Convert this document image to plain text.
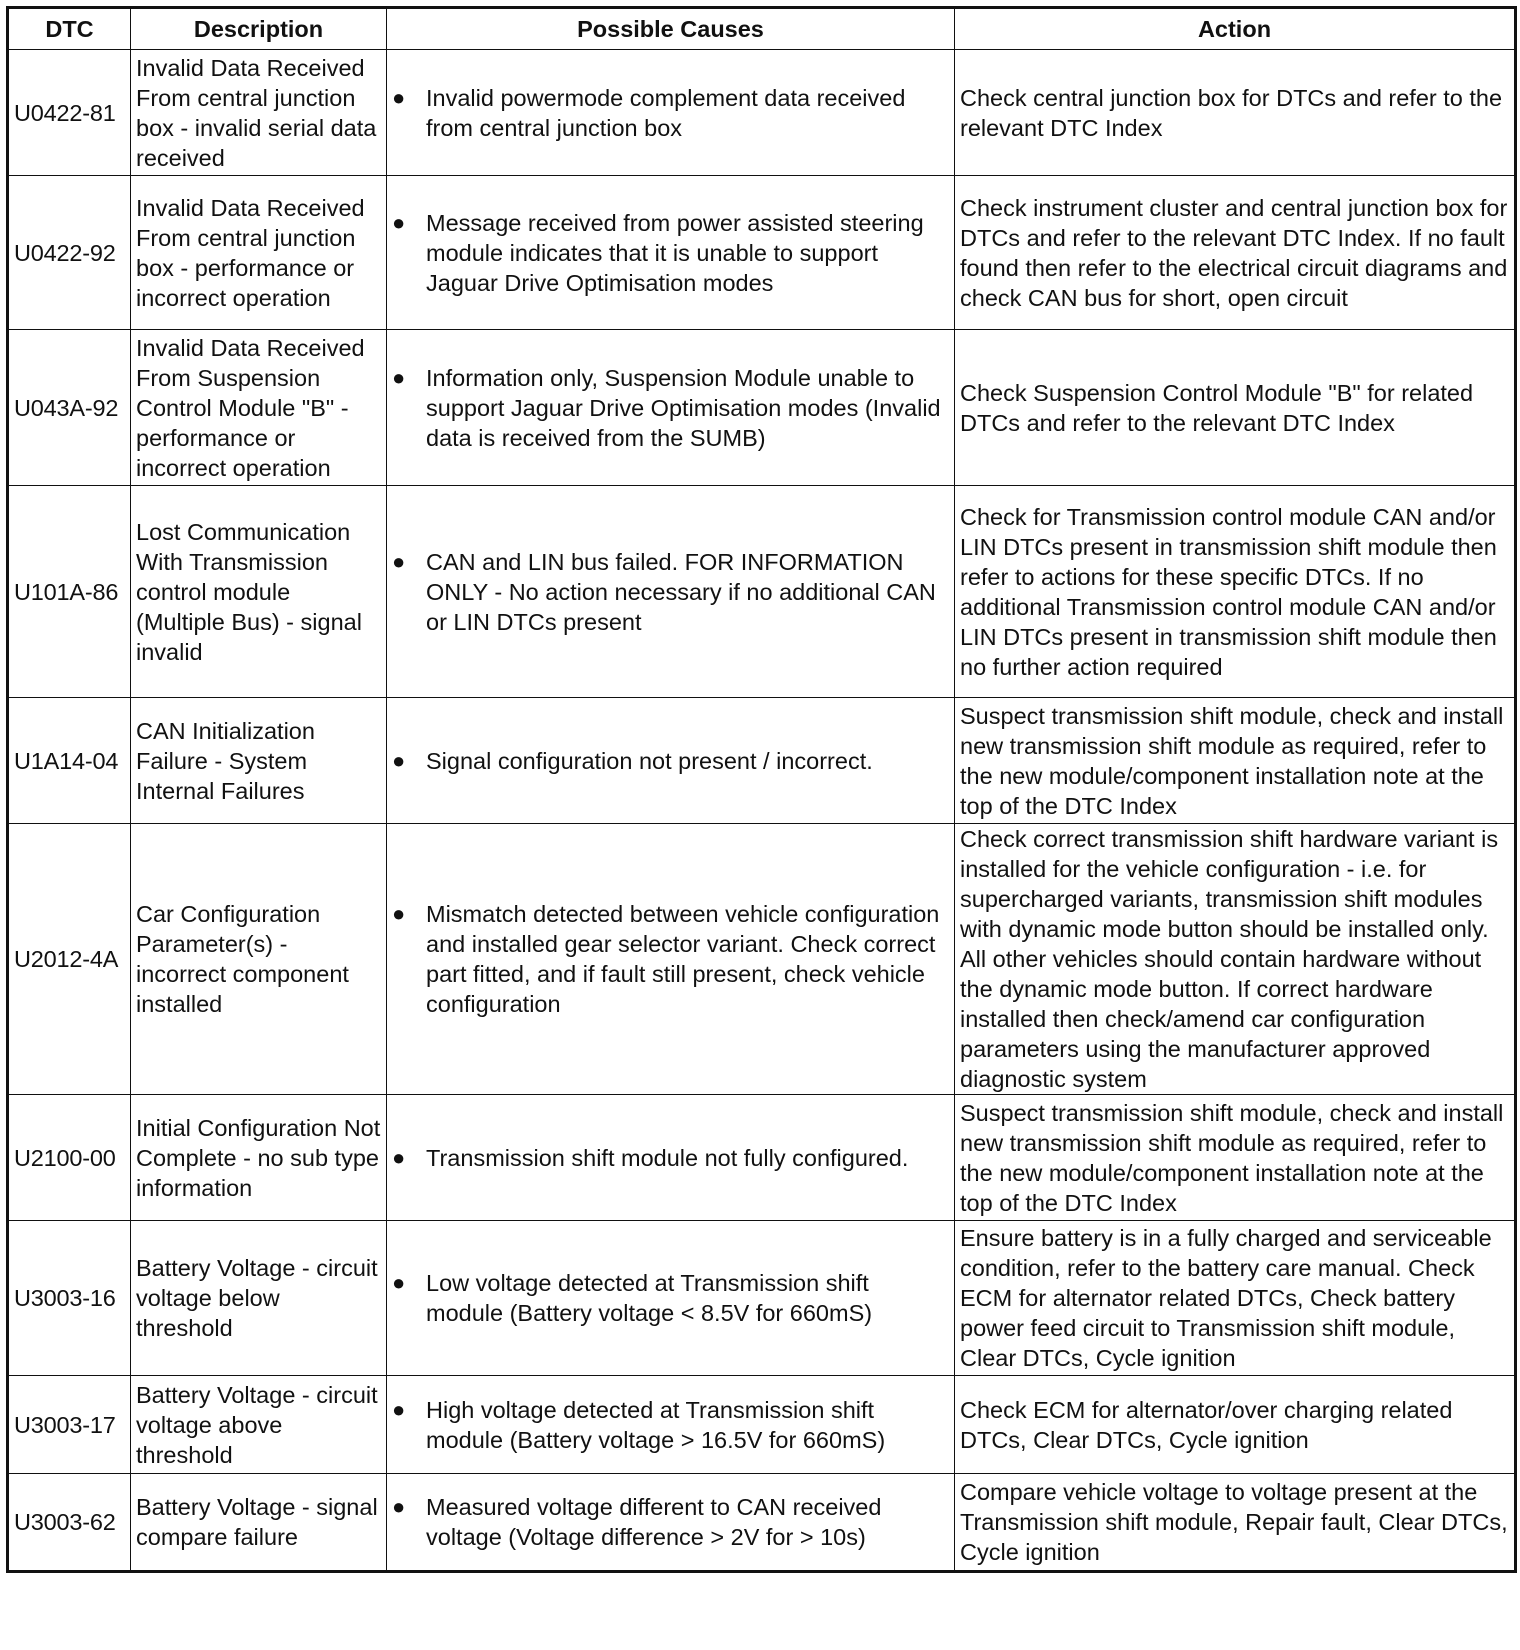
DTC	Description	Possible Causes	Action
U0422-81	Invalid Data Received From central junction box - invalid serial data received	● Invalid powermode complement data received from central junction box	Check central junction box for DTCs and refer to the relevant DTC Index
U0422-92	Invalid Data Received From central junction box - performance or incorrect operation	● Message received from power assisted steering module indicates that it is unable to support Jaguar Drive Optimisation modes	Check instrument cluster and central junction box for DTCs and refer to the relevant DTC Index. If no fault found then refer to the electrical circuit diagrams and check CAN bus for short, open circuit
U043A-92	Invalid Data Received From Suspension Control Module "B" - performance or incorrect operation	● Information only, Suspension Module unable to support Jaguar Drive Optimisation modes (Invalid data is received from the SUMB)	Check Suspension Control Module "B" for related DTCs and refer to the relevant DTC Index
U101A-86	Lost Communication With Transmission control module (Multiple Bus) - signal invalid	● CAN and LIN bus failed. FOR INFORMATION ONLY - No action necessary if no additional CAN or LIN DTCs present	Check for Transmission control module CAN and/or LIN DTCs present in transmission shift module then refer to actions for these specific DTCs. If no additional Transmission control module CAN and/or LIN DTCs present in transmission shift module then no further action required
U1A14-04	CAN Initialization Failure - System Internal Failures	● Signal configuration not present / incorrect.	Suspect transmission shift module, check and install new transmission shift module as required, refer to the new module/component installation note at the top of the DTC Index
U2012-4A	Car Configuration Parameter(s) - incorrect component installed	● Mismatch detected between vehicle configuration and installed gear selector variant. Check correct part fitted, and if fault still present, check vehicle configuration	Check correct transmission shift hardware variant is installed for the vehicle configuration - i.e. for supercharged variants, transmission shift modules with dynamic mode button should be installed only. All other vehicles should contain hardware without the dynamic mode button. If correct hardware installed then check/amend car configuration parameters using the manufacturer approved diagnostic system
U2100-00	Initial Configuration Not Complete - no sub type information	● Transmission shift module not fully configured.	Suspect transmission shift module, check and install new transmission shift module as required, refer to the new module/component installation note at the top of the DTC Index
U3003-16	Battery Voltage - circuit voltage below threshold	● Low voltage detected at Transmission shift module (Battery voltage < 8.5V for 660mS)	Ensure battery is in a fully charged and serviceable condition, refer to the battery care manual. Check ECM for alternator related DTCs, Check battery power feed circuit to Transmission shift module, Clear DTCs, Cycle ignition
U3003-17	Battery Voltage - circuit voltage above threshold	● High voltage detected at Transmission shift module (Battery voltage > 16.5V for 660mS)	Check ECM for alternator/over charging related DTCs, Clear DTCs, Cycle ignition
U3003-62	Battery Voltage - signal compare failure	● Measured voltage different to CAN received voltage (Voltage difference > 2V for > 10s)	Compare vehicle voltage to voltage present at the Transmission shift module, Repair fault, Clear DTCs, Cycle ignition
